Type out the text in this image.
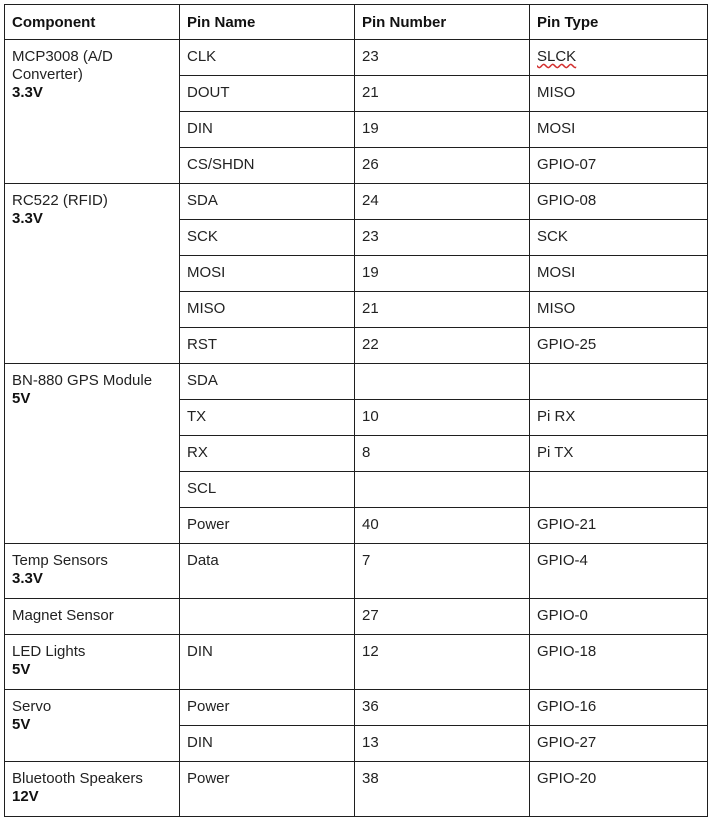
Component	Pin Name	Pin Number	Pin Type

MCP3008 (A/D Converter)
3.3V	CLK	23	SLCK
	DOUT	21	MISO
	DIN	19	MOSI
	CS/SHDN	26	GPIO-07

RC522 (RFID)
3.3V	SDA	24	GPIO-08
	SCK	23	SCK
	MOSI	19	MOSI
	MISO	21	MISO
	RST	22	GPIO-25

BN-880 GPS Module
5V	SDA		
	TX	10	Pi RX
	RX	8	Pi TX
	SCL		
	Power	40	GPIO-21

Temp Sensors
3.3V	Data	7	GPIO-4

Magnet Sensor		27	GPIO-0

LED Lights
5V	DIN	12	GPIO-18

Servo
5V	Power	36	GPIO-16
	DIN	13	GPIO-27

Bluetooth Speakers
12V	Power	38	GPIO-20
